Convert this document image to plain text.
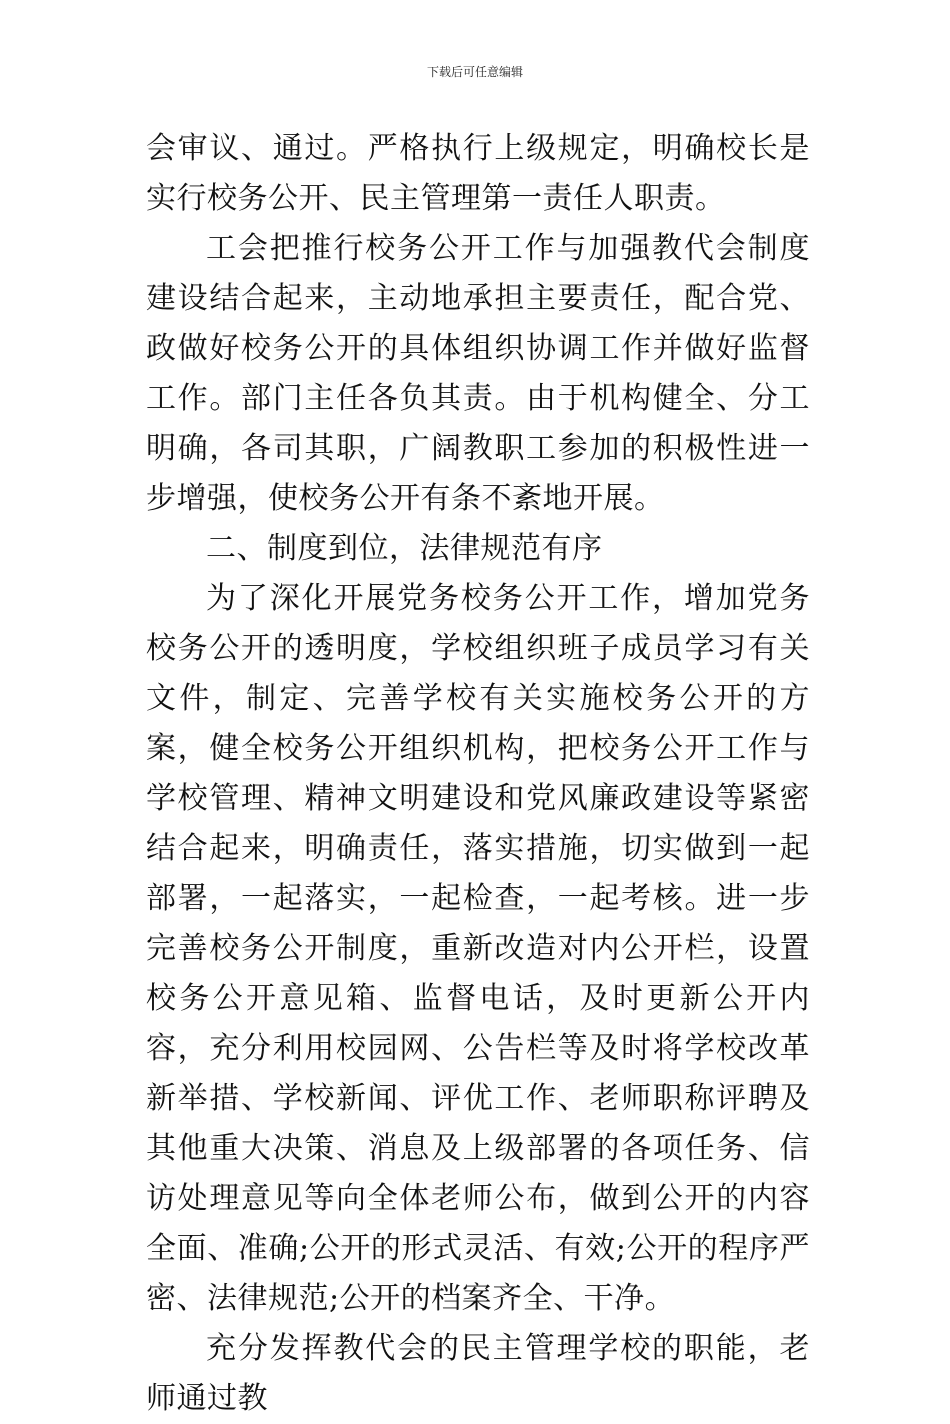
下载后可任意编辑

会审议、通过。严格执行上级规定，明确校长是实行校务公开、民主管理第一责任人职责。

工会把推行校务公开工作与加强教代会制度建设结合起来，主动地承担主要责任，配合党、政做好校务公开的具体组织协调工作并做好监督工作。部门主任各负其责。由于机构健全、分工明确，各司其职，广阔教职工参加的积极性进一步增强，使校务公开有条不紊地开展。

二、制度到位，法律规范有序

为了深化开展党务校务公开工作，增加党务校务公开的透明度，学校组织班子成员学习有关文件，制定、完善学校有关实施校务公开的方案，健全校务公开组织机构，把校务公开工作与学校管理、精神文明建设和党风廉政建设等紧密结合起来，明确责任，落实措施，切实做到一起部署，一起落实，一起检查，一起考核。进一步完善校务公开制度，重新改造对内公开栏，设置校务公开意见箱、监督电话，及时更新公开内容，充分利用校园网、公告栏等及时将学校改革新举措、学校新闻、评优工作、老师职称评聘及其他重大决策、消息及上级部署的各项任务、信访处理意见等向全体老师公布，做到公开的内容全面、准确;公开的形式灵活、有效;公开的程序严密、法律规范;公开的档案齐全、干净。

充分发挥教代会的民主管理学校的职能，老师通过教
